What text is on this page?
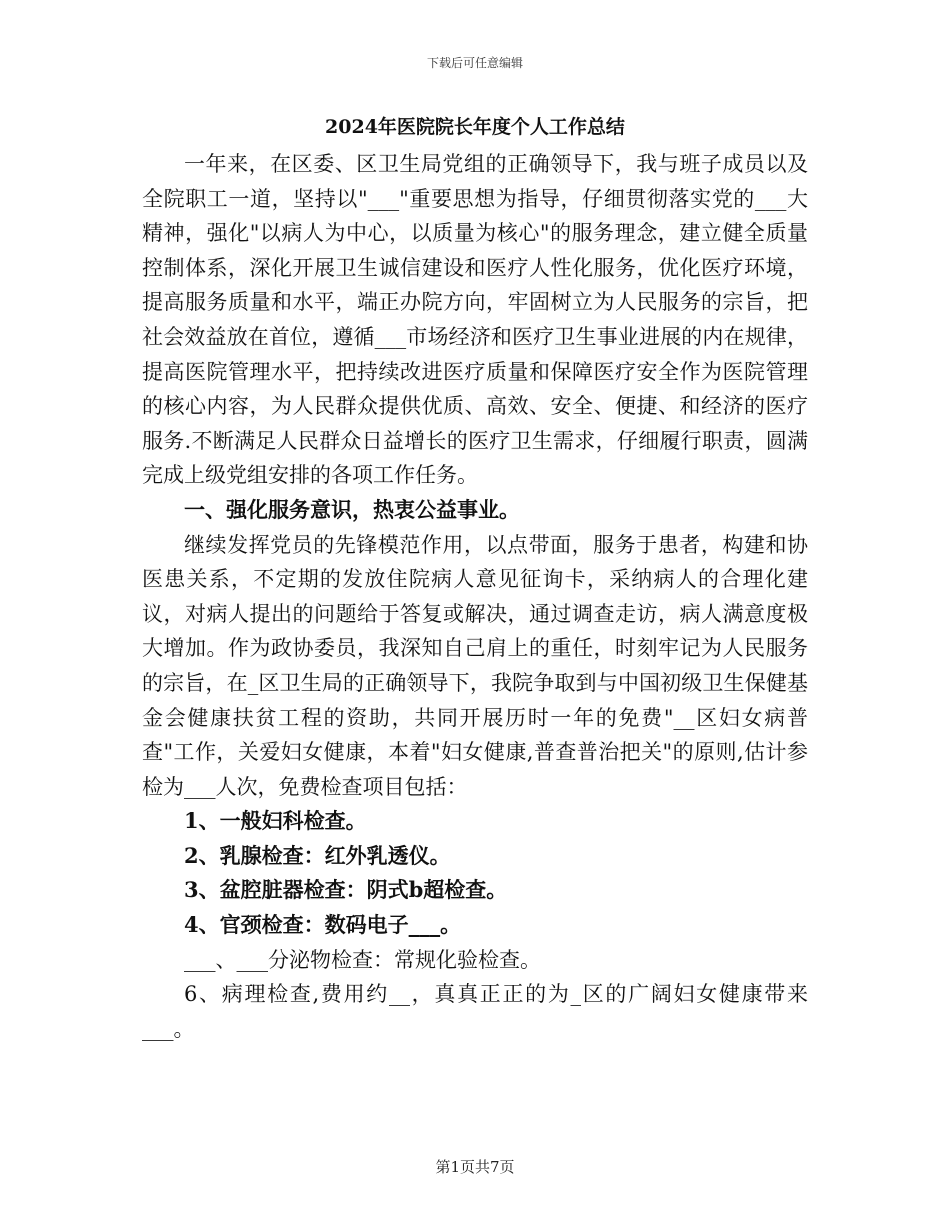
下载后可任意编辑
2024年医院院长年度个人工作总结

一年来，在区委、区卫生局党组的正确领导下，我与班子成员以及全院职工一道，坚持以"___"重要思想为指导，仔细贯彻落实党的___大精神，强化"以病人为中心，以质量为核心"的服务理念，建立健全质量控制体系，深化开展卫生诚信建设和医疗人性化服务，优化医疗环境，提高服务质量和水平，端正办院方向，牢固树立为人民服务的宗旨，把社会效益放在首位，遵循___市场经济和医疗卫生事业进展的内在规律，提高医院管理水平，把持续改进医疗质量和保障医疗安全作为医院管理的核心内容，为人民群众提供优质、高效、安全、便捷、和经济的医疗服务.不断满足人民群众日益增长的医疗卫生需求，仔细履行职责，圆满完成上级党组安排的各项工作任务。

一、强化服务意识，热衷公益事业。

继续发挥党员的先锋模范作用，以点带面，服务于患者，构建和协医患关系，不定期的发放住院病人意见征询卡，采纳病人的合理化建议，对病人提出的问题给于答复或解决，通过调查走访，病人满意度极大增加。作为政协委员，我深知自己肩上的重任，时刻牢记为人民服务的宗旨，在_区卫生局的正确领导下，我院争取到与中国初级卫生保健基金会健康扶贫工程的资助，共同开展历时一年的免费"__区妇女病普查"工作，关爱妇女健康，本着"妇女健康,普查普治把关"的原则,估计参检为___人次，免费检查项目包括：

1、一般妇科检查。

2、乳腺检查：红外乳透仪。

3、盆腔脏器检查：阴式b超检查。

4、官颈检查：数码电子___。

___、___分泌物检查：常规化验检查。

6、病理检查,费用约__，真真正正的为_区的广阔妇女健康带来___。

第1页共7页
